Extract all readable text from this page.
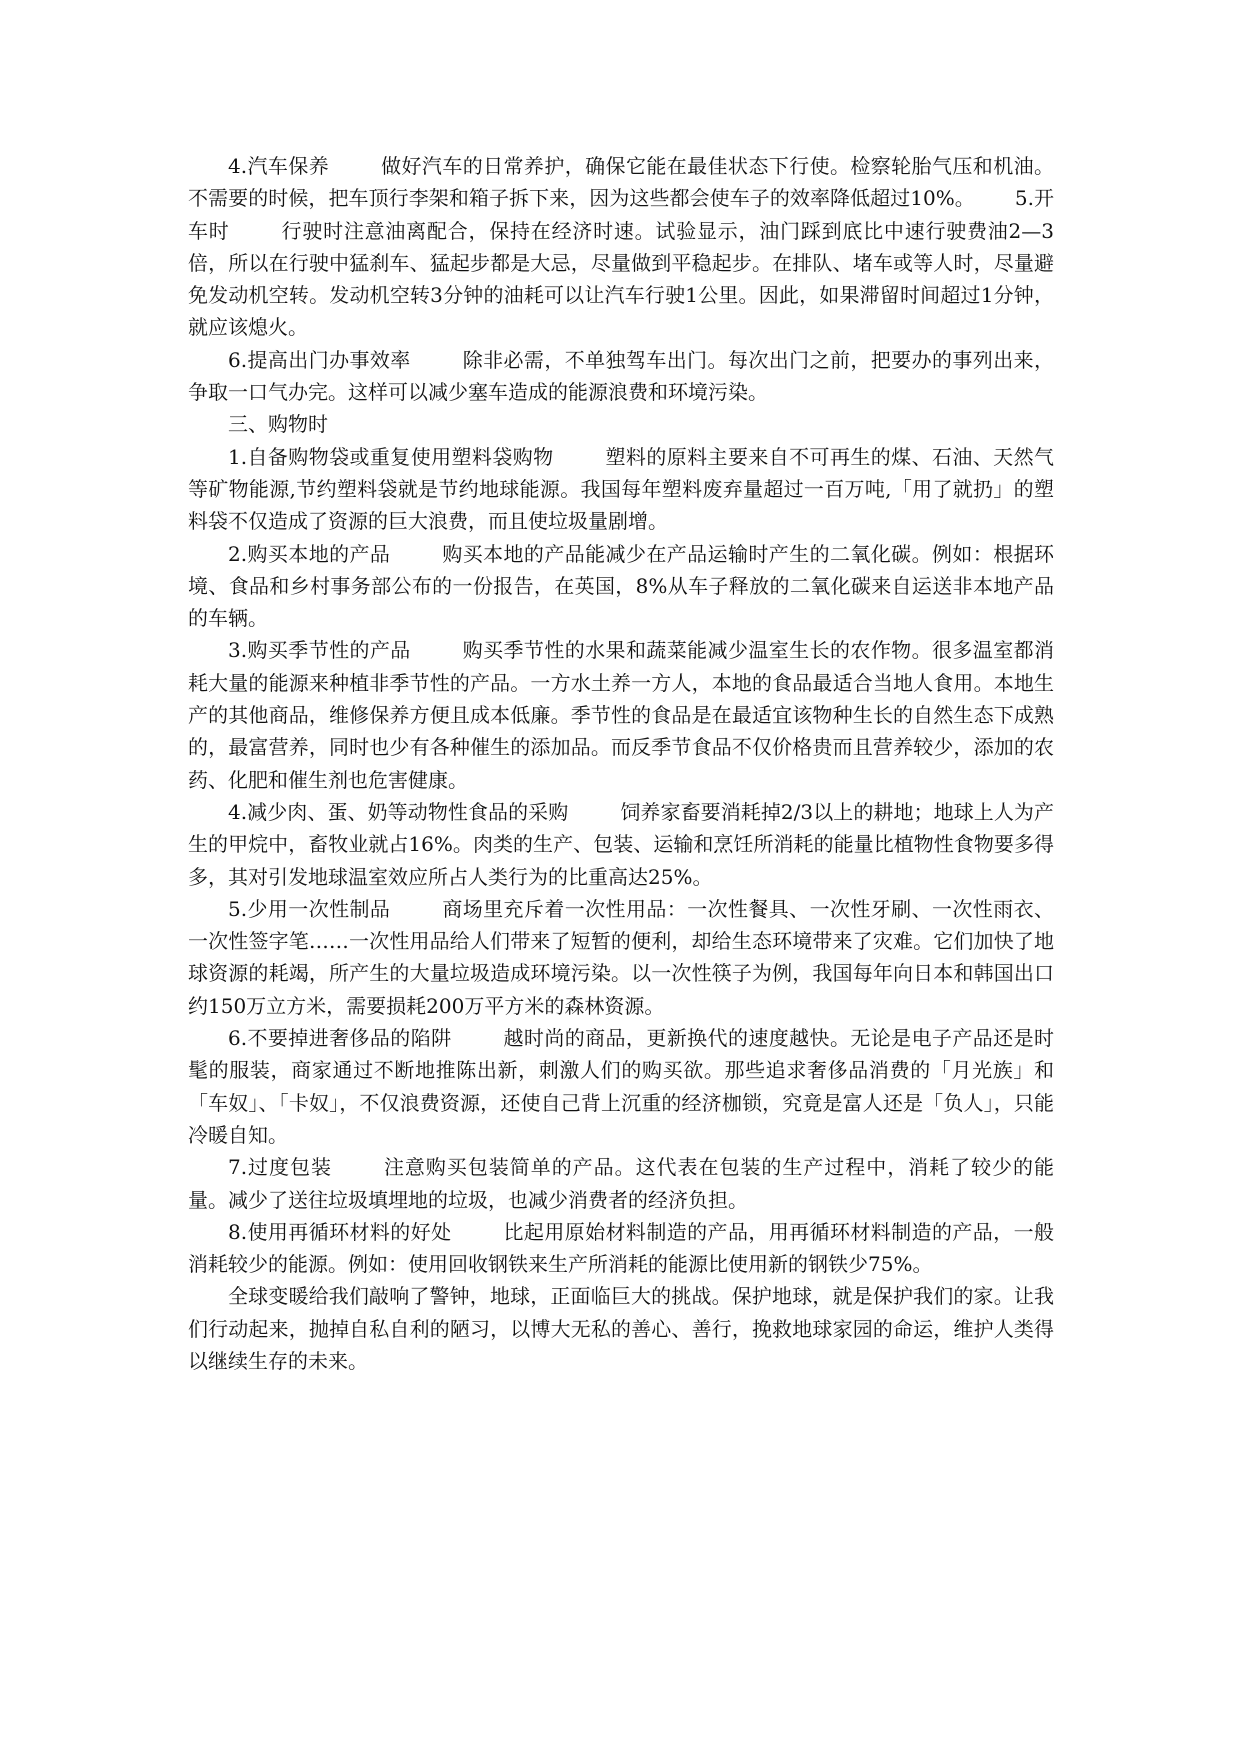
4.汽车保养	做好汽车的日常养护，确保它能在最佳状态下行使。检察轮胎气压和机油。不需要的时候，把车顶行李架和箱子拆下来，因为这些都会使车子的效率降低超过10%。 5.开车时	行驶时注意油离配合，保持在经济时速。试验显示，油门踩到底比中速行驶费油2—3倍，所以在行驶中猛刹车、猛起步都是大忌，尽量做到平稳起步。在排队、堵车或等人时，尽量避免发动机空转。发动机空转3分钟的油耗可以让汽车行驶1公里。因此，如果滞留时间超过1分钟，就应该熄火。

6.提高出门办事效率	除非必需，不单独驾车出门。每次出门之前，把要办的事列出来，争取一口气办完。这样可以减少塞车造成的能源浪费和环境污染。

三、购物时

1.自备购物袋或重复使用塑料袋购物	塑料的原料主要来自不可再生的煤、石油、天然气等矿物能源,节约塑料袋就是节约地球能源。我国每年塑料废弃量超过一百万吨,「用了就扔」的塑料袋不仅造成了资源的巨大浪费，而且使垃圾量剧增。

2.购买本地的产品	购买本地的产品能减少在产品运输时产生的二氧化碳。例如：根据环境、食品和乡村事务部公布的一份报告，在英国，8%从车子释放的二氧化碳来自运送非本地产品的车辆。

3.购买季节性的产品	购买季节性的水果和蔬菜能减少温室生长的农作物。很多温室都消耗大量的能源来种植非季节性的产品。一方水土养一方人，本地的食品最适合当地人食用。本地生产的其他商品，维修保养方便且成本低廉。季节性的食品是在最适宜该物种生长的自然生态下成熟的，最富营养，同时也少有各种催生的添加品。而反季节食品不仅价格贵而且营养较少，添加的农药、化肥和催生剂也危害健康。

4.减少肉、蛋、奶等动物性食品的采购	饲养家畜要消耗掉2/3以上的耕地；地球上人为产生的甲烷中，畜牧业就占16%。肉类的生产、包装、运输和烹饪所消耗的能量比植物性食物要多得多，其对引发地球温室效应所占人类行为的比重高达25%。

5.少用一次性制品	商场里充斥着一次性用品：一次性餐具、一次性牙刷、一次性雨衣、一次性签字笔……一次性用品给人们带来了短暂的便利，却给生态环境带来了灾难。它们加快了地球资源的耗竭，所产生的大量垃圾造成环境污染。以一次性筷子为例，我国每年向日本和韩国出口约150万立方米，需要损耗200万平方米的森林资源。

6.不要掉进奢侈品的陷阱	越时尚的商品，更新换代的速度越快。无论是电子产品还是时髦的服装，商家通过不断地推陈出新，刺激人们的购买欲。那些追求奢侈品消费的「月光族」和「车奴」、「卡奴」，不仅浪费资源，还使自己背上沉重的经济枷锁，究竟是富人还是「负人」，只能冷暖自知。

7.过度包装	注意购买包装简单的产品。这代表在包装的生产过程中，消耗了较少的能量。减少了送往垃圾填埋地的垃圾，也减少消费者的经济负担。

8.使用再循环材料的好处	比起用原始材料制造的产品，用再循环材料制造的产品，一般消耗较少的能源。例如：使用回收钢铁来生产所消耗的能源比使用新的钢铁少75%。

全球变暖给我们敲响了警钟，地球，正面临巨大的挑战。保护地球，就是保护我们的家。让我们行动起来，抛掉自私自利的陋习，以博大无私的善心、善行，挽救地球家园的命运，维护人类得以继续生存的未来。
